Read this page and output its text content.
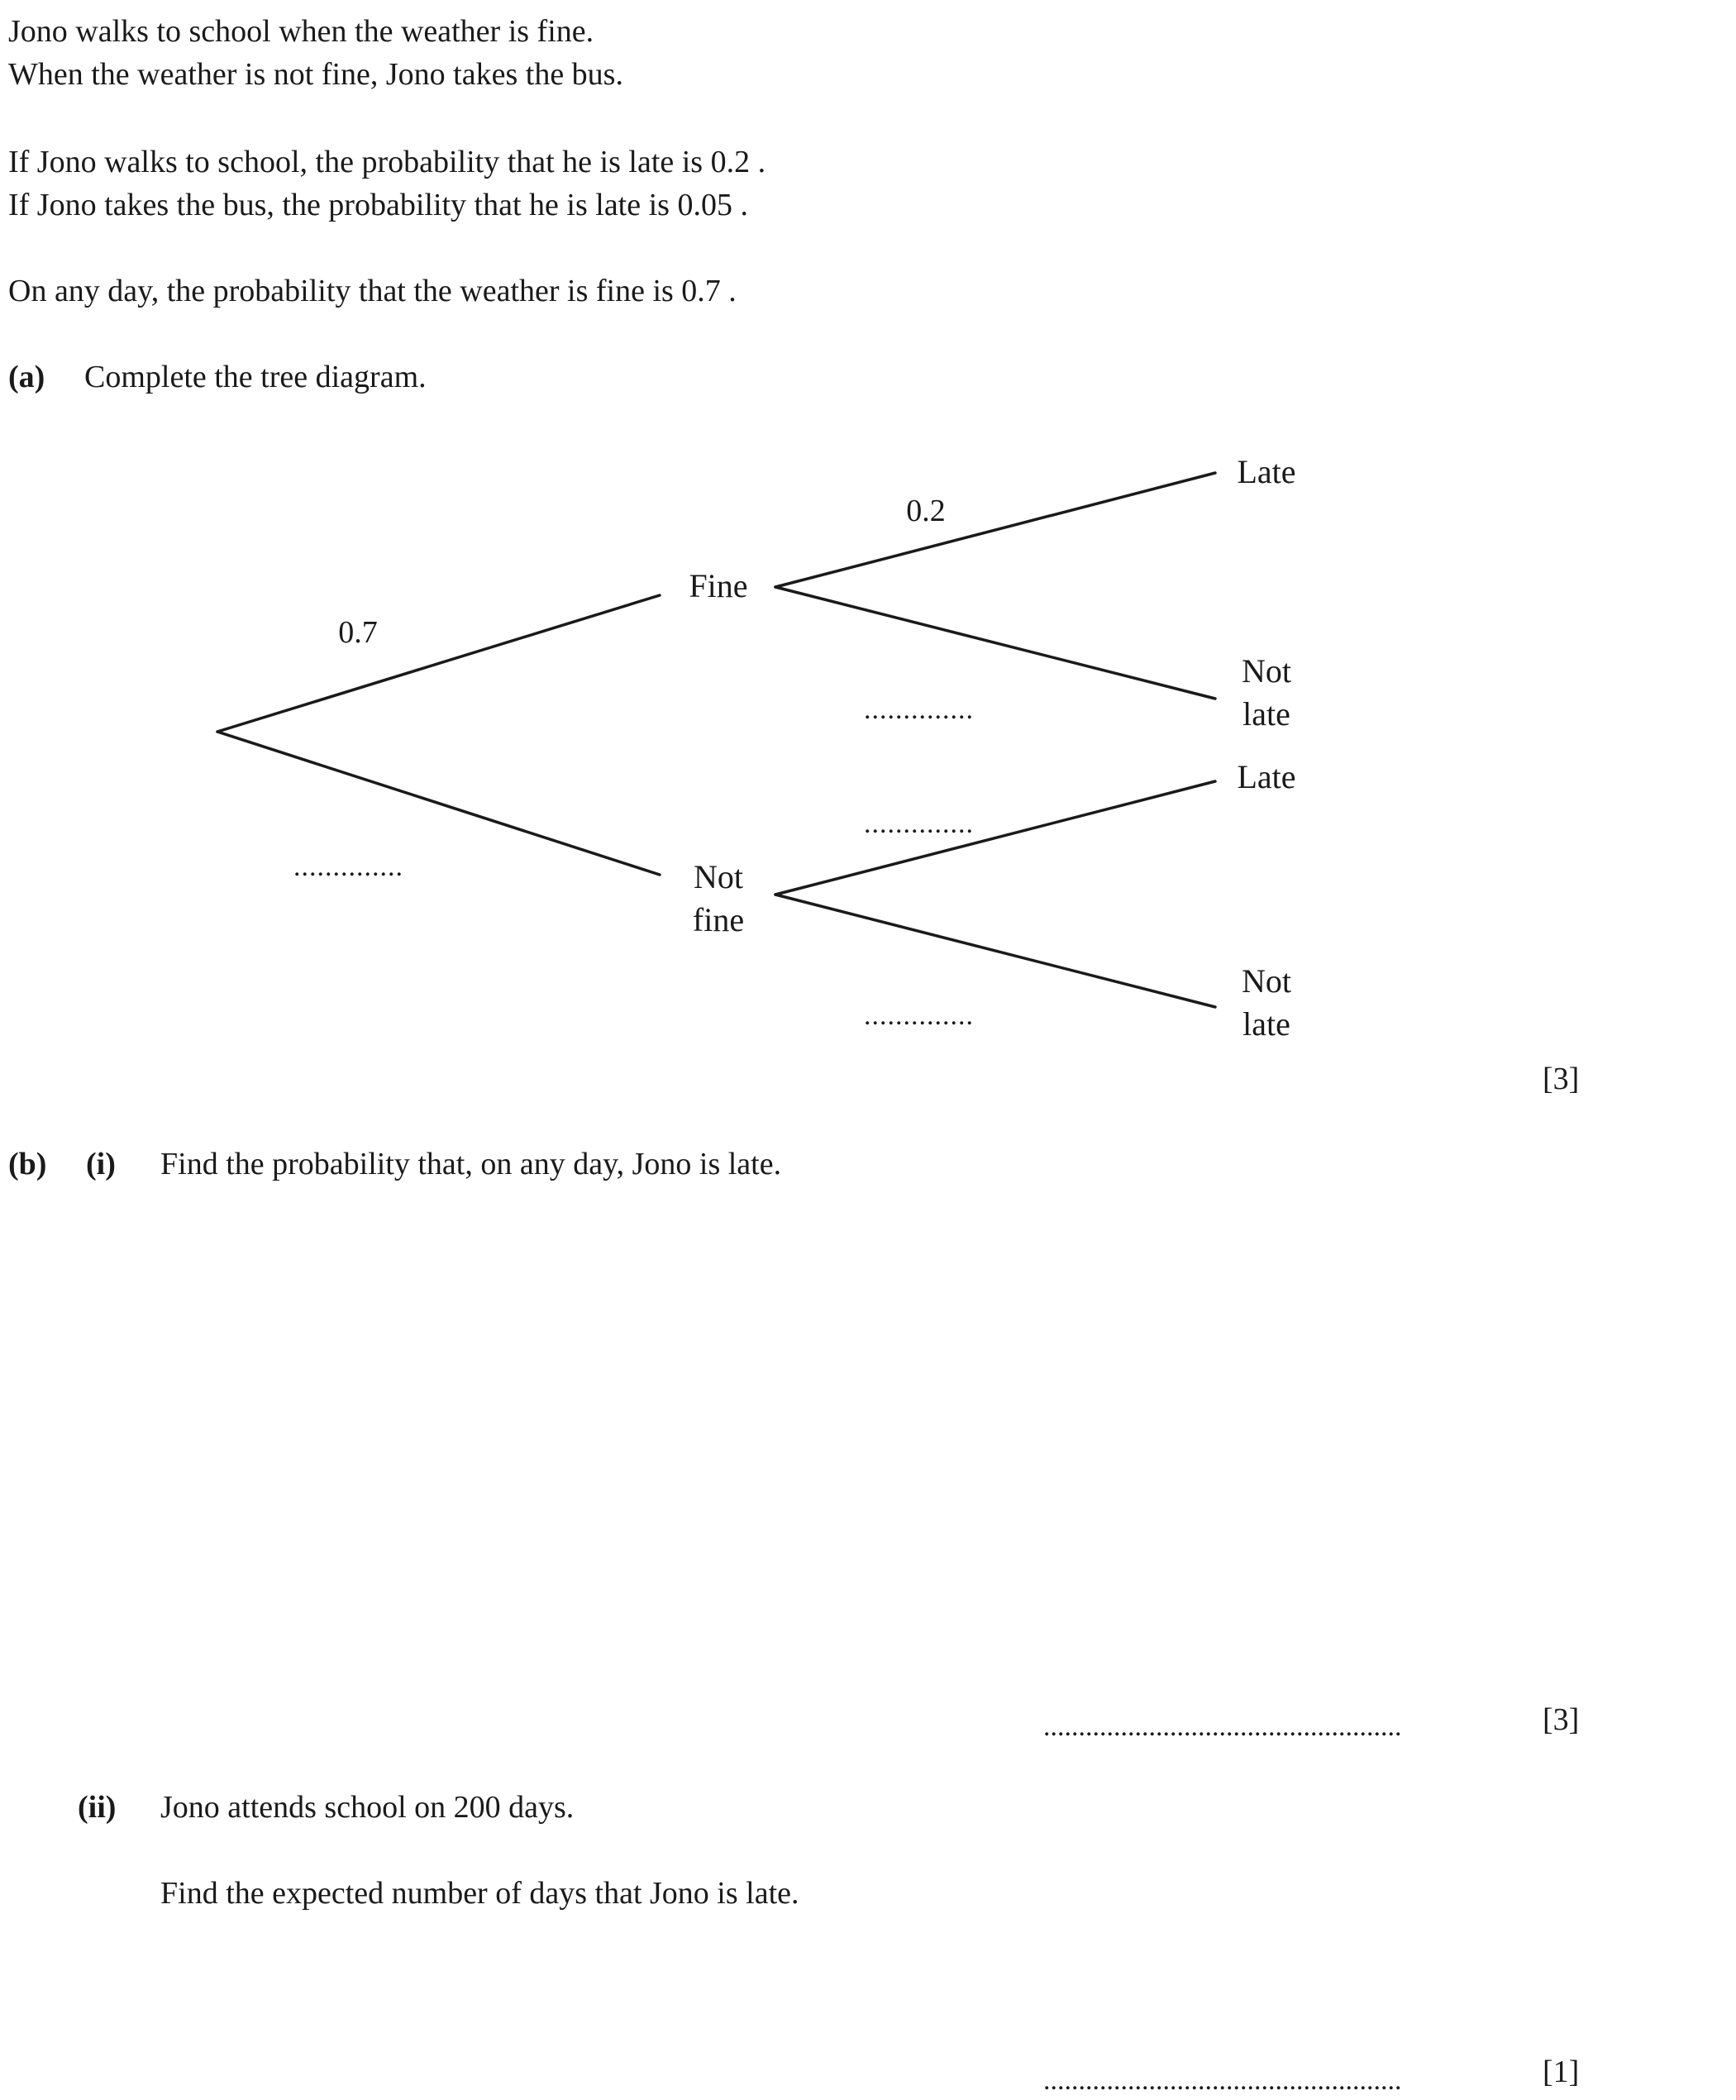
Jono walks to school when the weather is fine.
When the weather is not fine, Jono takes the bus.
If Jono walks to school, the probability that he is late is 0.2 .
If Jono takes the bus, the probability that he is late is 0.05 .
On any day, the probability that the weather is fine is 0.7 .
(a) Complete the tree diagram.
0.7
Fine
Not
fine
0.2
Late
Not
late
Late
Not
late
..............
..............
..............
..............
[3]
(b) (i) Find the probability that, on any day, Jono is late.
...................................................	[3]
(ii) Jono attends school on 200 days.
Find the expected number of days that Jono is late.
...................................................	[1]
